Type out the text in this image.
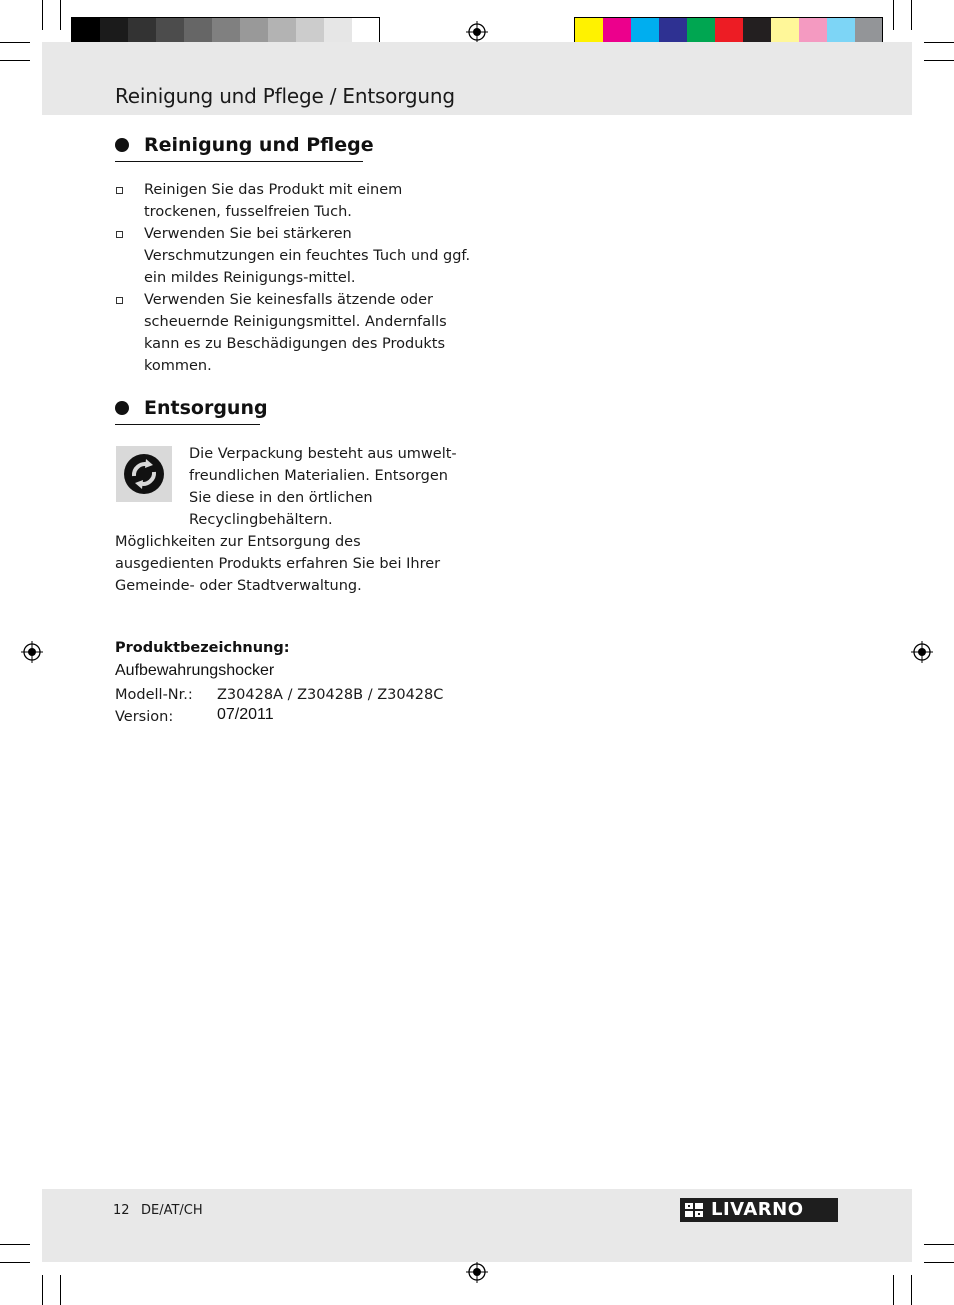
Reinigung und Pflege / Entsorgung
Reinigung und Pflege
Reinigen Sie das Produkt mit einem trockenen, fusselfreien Tuch.
Verwenden Sie bei stärkeren Verschmutzungen ein feuchtes Tuch und ggf. ein mildes Reinigungs-mittel.
Verwenden Sie keinesfalls ätzende oder scheuernde Reinigungsmittel. Andernfalls kann es zu Beschädigungen des Produkts kommen.
Entsorgung
Die Verpackung besteht aus umwelt-freundlichen Materialien. Entsorgen Sie diese in den örtlichen Recyclingbehältern.
Möglichkeiten zur Entsorgung des ausgedienten Produkts erfahren Sie bei Ihrer Gemeinde- oder Stadtverwaltung.
Produktbezeichnung:
Aufbewahrungshocker
Modell-Nr.: Z30428A / Z30428B / Z30428C
Version:	07/2011
12 DE/AT/CH	LIVARNO
